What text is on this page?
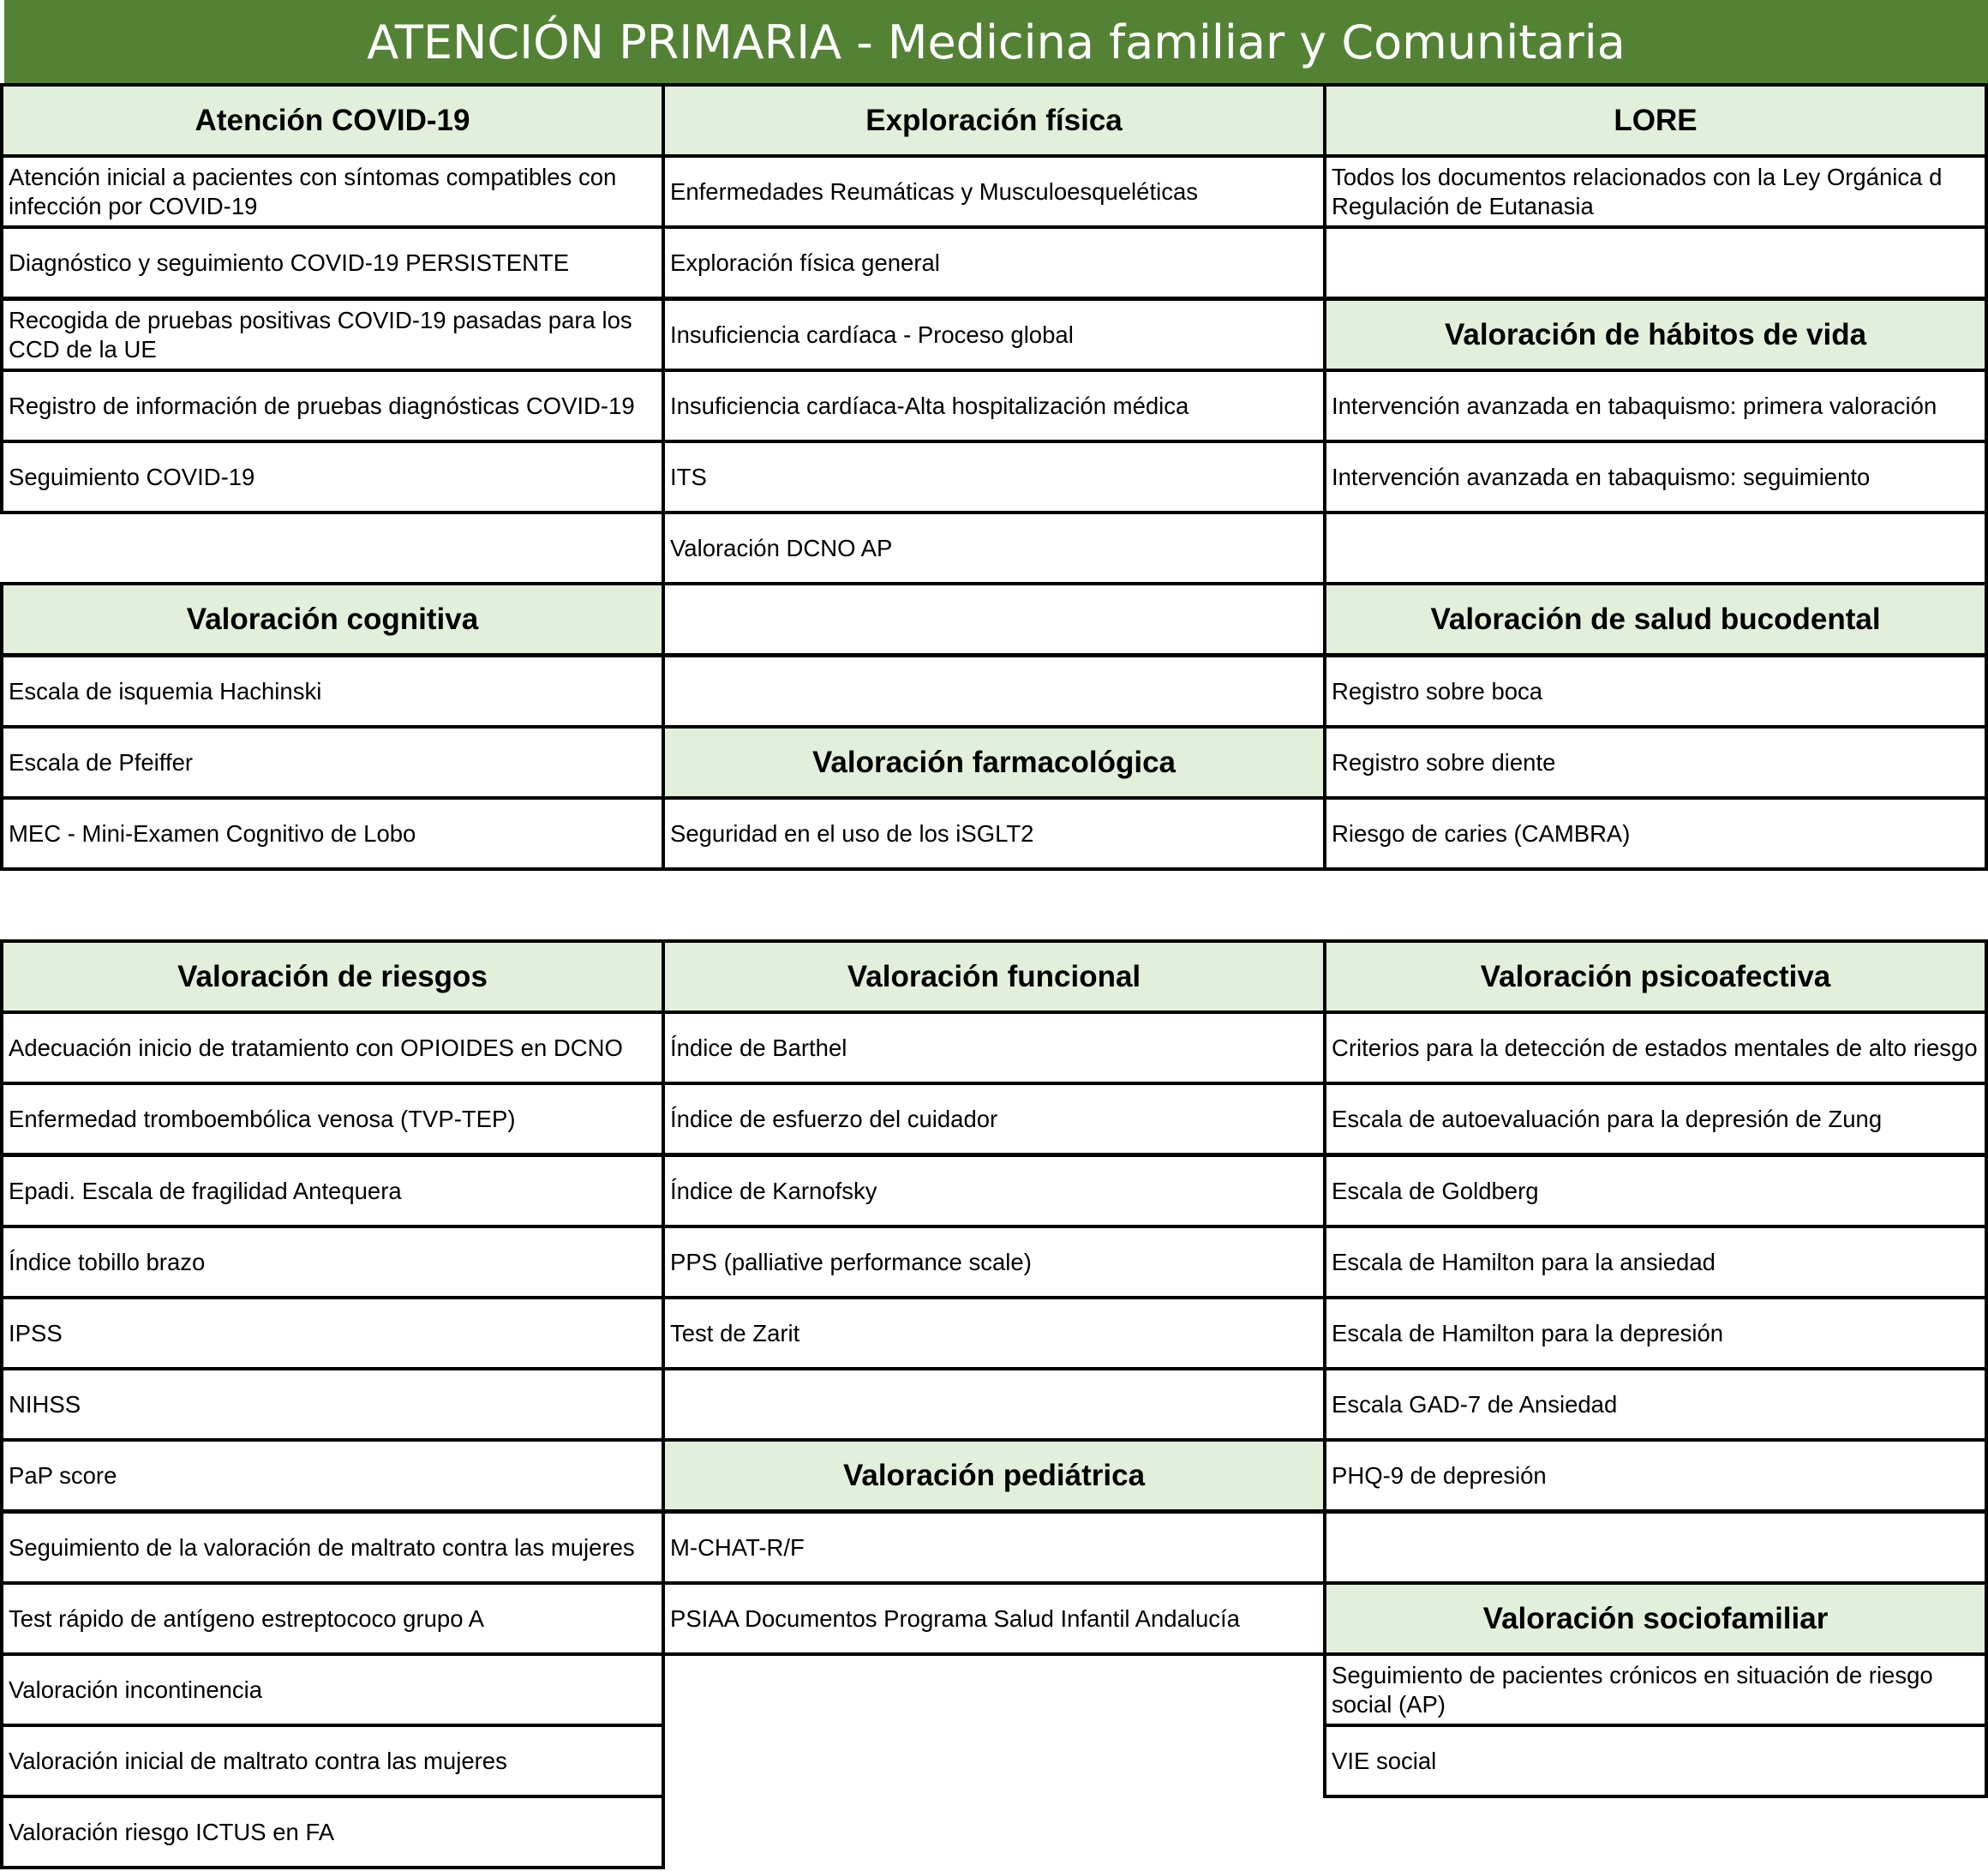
ATENCIÓN PRIMARIA - Medicina familiar y Comunitaria
Atención COVID-19
Atención inicial a pacientes con síntomas compatibles con infección por COVID-19
Diagnóstico y seguimiento COVID-19 PERSISTENTE
Recogida de pruebas positivas COVID-19 pasadas para los CCD de la UE
Registro de información de pruebas diagnósticas COVID-19
Seguimiento COVID-19
Valoración cognitiva
Escala de isquemia Hachinski
Escala de Pfeiffer
MEC - Mini-Examen Cognitivo de Lobo
Exploración física
Enfermedades Reumáticas y Musculoesqueléticas
Exploración física general
Insuficiencia cardíaca - Proceso global
Insuficiencia cardíaca-Alta hospitalización médica
ITS
Valoración DCNO AP
Valoración farmacológica
Seguridad en el uso de los iSGLT2
LORE
Todos los documentos relacionados con la Ley Orgánica d Regulación de Eutanasia
Valoración de hábitos de vida
Intervención avanzada en tabaquismo: primera valoración
Intervención avanzada en tabaquismo: seguimiento
Valoración de salud bucodental
Registro sobre boca
Registro sobre diente
Riesgo de caries (CAMBRA)
Valoración de riesgos
Adecuación inicio de tratamiento con OPIOIDES en DCNO
Enfermedad tromboembólica venosa (TVP-TEP)
Epadi. Escala de fragilidad Antequera
Índice tobillo brazo
IPSS
NIHSS
PaP score
Seguimiento de la valoración de maltrato contra las mujeres
Test rápido de antígeno estreptococo grupo A
Valoración incontinencia
Valoración inicial de maltrato contra las mujeres
Valoración riesgo ICTUS en FA
Valoración funcional
Índice de Barthel
Índice de esfuerzo del cuidador
Índice de Karnofsky
PPS (palliative performance scale)
Test de Zarit
Valoración pediátrica
M-CHAT-R/F
PSIAA Documentos Programa Salud Infantil Andalucía
Valoración psicoafectiva
Criterios para la detección de estados mentales de alto riesgo
Escala de autoevaluación para la depresión de Zung
Escala de Goldberg
Escala de Hamilton para la ansiedad
Escala de Hamilton para la depresión
Escala GAD-7 de Ansiedad
PHQ-9 de depresión
Valoración sociofamiliar
Seguimiento de pacientes crónicos en situación de riesgo social (AP)
VIE social
